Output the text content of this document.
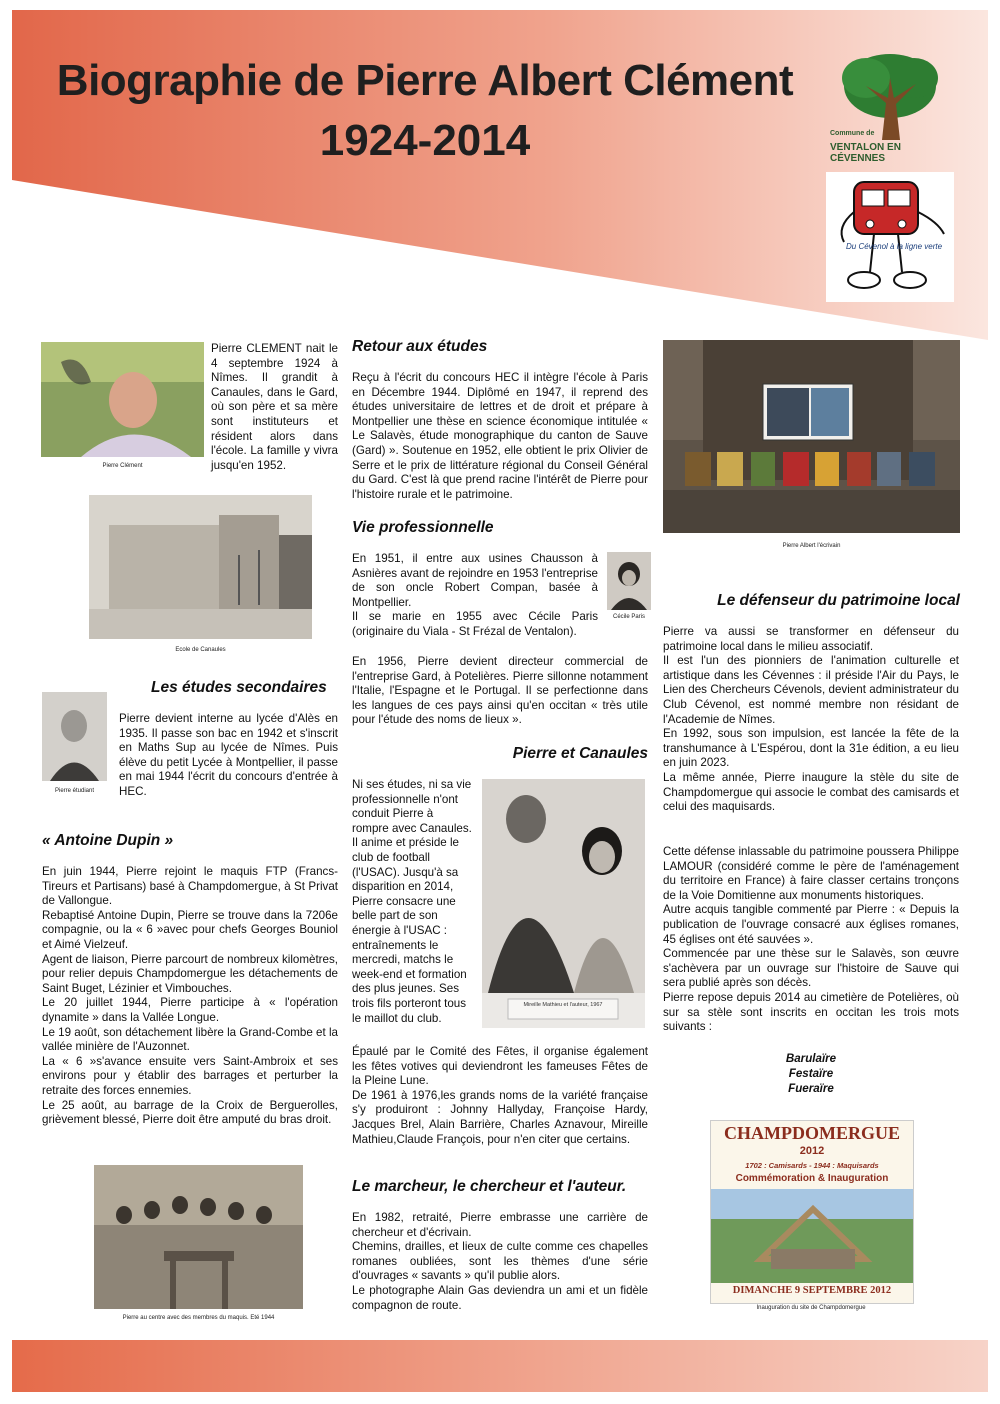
Biographie de Pierre Albert Clément
1924-2014	Commune de
VENTALON EN CÉVENNES
Du Cévenol à la ligne verte
Pierre Clément
Pierre CLEMENT nait le 4 septembre 1924 à Nîmes. Il grandit à Canaules, dans le Gard, où son père et sa mère sont instituteurs et résident alors dans l'école. La famille y vivra jusqu'en 1952.
Ecole de Canaules
Les études secondaires
Pierre étudiant
Pierre devient interne au lycée d'Alès en 1935. Il passe son bac en 1942 et s'inscrit en Maths Sup au lycée de Nîmes. Puis élève du petit Lycée à Montpellier, il passe en mai 1944 l'écrit du concours d'entrée à HEC.
« Antoine Dupin »

En juin 1944, Pierre rejoint le maquis FTP (Francs-Tireurs et Partisans) basé à Champdomergue, à St Privat de Vallongue.

Rebaptisé Antoine Dupin, Pierre se trouve dans la 7206e compagnie, ou la « 6 »avec pour chefs Georges Bouniol et Aimé Vielzeuf.

Agent de liaison, Pierre parcourt de nombreux kilomètres, pour relier depuis Champdomergue les détachements de Saint Buget, Lézinier et Vimbouches.

Le 20 juillet 1944, Pierre participe à « l'opération dynamite » dans la Vallée Longue.

Le 19 août, son détachement libère la Grand-Combe et la vallée minière de l'Auzonnet.

La « 6 »s'avance ensuite vers Saint-Ambroix et ses environs pour y établir des barrages et perturber la retraite des forces ennemies.

Le 25 août, au barrage de la Croix de Berguerolles, grièvement blessé, Pierre doit être amputé du bras droit.

Pierre au centre avec des membres du maquis. Eté 1944
Retour aux études
Reçu à l'écrit du concours HEC il intègre l'école à Paris en Décembre 1944. Diplômé en 1947, il reprend des études universitaire de lettres et de droit et prépare à Montpellier une thèse en science économique intitulée « Le Salavès, étude monographique du canton de Sauve (Gard) ». Soutenue en 1952, elle obtient le prix Olivier de Serre et le prix de littérature régional du Conseil Général du Gard. C'est là que prend racine l'intérêt de Pierre pour l'histoire rurale et le patrimoine.
Vie professionnelle

En 1951, il entre aux usines Chausson à Asnières avant de rejoindre en 1953 l'entreprise de son oncle Robert Compan, basée à Montpellier.

Il se marie en 1955 avec Cécile Paris (originaire du Viala - St Frézal de Ventalon).

Cécile Paris
En 1956, Pierre devient directeur commercial de l'entreprise Gard, à Potelières. Pierre sillonne notamment l'Italie, l'Espagne et le Portugal. Il se perfectionne dans les langues de ces pays ainsi qu'en occitan « très utile pour l'étude des noms de lieux ».
Pierre et Canaules
Ni ses études, ni sa vie professionnelle n'ont conduit Pierre à rompre avec Canaules. Il anime et préside le club de football (l'USAC). Jusqu'à sa disparition en 2014, Pierre consacre une belle part de son énergie à l'USAC : entraînements le mercredi, matchs le week-end et formation des plus jeunes. Ses trois fils porteront tous le maillot du club.
Mireille Mathieu et l'auteur, 1967

Épaulé par le Comité des Fêtes, il organise également les fêtes votives qui deviendront les fameuses Fêtes de la Pleine Lune.

De 1961 à 1976,les grands noms de la variété française s'y produiront : Johnny Hallyday, Françoise Hardy, Jacques Brel, Alain Barrière, Charles Aznavour, Mireille Mathieu,Claude François, pour n'en citer que certains.

Le marcheur, le chercheur et l'auteur.

En 1982, retraité, Pierre embrasse une carrière de chercheur et d'écrivain.

Chemins, drailles, et lieux de culte comme ces chapelles romanes oubliées, sont les thèmes d'une série d'ouvrages « savants » qu'il publie alors.

Le photographe Alain Gas deviendra un ami et un fidèle compagnon de route.

Pierre Albert l'écrivain
Le défenseur du patrimoine local

Pierre va aussi se transformer en défenseur du patrimoine local dans le milieu associatif.

Il est l'un des pionniers de l'animation culturelle et artistique dans les Cévennes : il préside l'Air du Pays, le Lien des Chercheurs Cévenols, devient administrateur du Club Cévenol, est nommé membre non résidant de l'Academie de Nîmes.

En 1992, sous son impulsion, est lancée la fête de la transhumance à L'Espérou, dont la 31e édition, a eu lieu en juin 2023.

La même année, Pierre inaugure la stèle du site de Champdomergue qui associe le combat des camisards et celui des maquisards.

Cette défense inlassable du patrimoine poussera Philippe LAMOUR (considéré comme le père de l'aménagement du territoire en France) à faire classer certains tronçons de la Voie Domitienne aux monuments historiques.

Autre acquis tangible commenté par Pierre : « Depuis la publication de l'ouvrage consacré aux églises romanes, 45 églises ont été sauvées ».

Commencée par une thèse sur le Salavès, son œuvre s'achèvera par un ouvrage sur l'histoire de Sauve qui sera publié après son décès.

Pierre repose depuis 2014 au cimetière de Potelières, où sur sa stèle sont inscrits en occitan les trois mots suivants :

Barulaïre
Festaïre
Fueraïre
CHAMPDOMERGUE
2012
1702 : Camisards - 1944 : Maquisards
Commémoration & Inauguration
DIMANCHE 9 SEPTEMBRE 2012
Inauguration du site de Champdomergue
